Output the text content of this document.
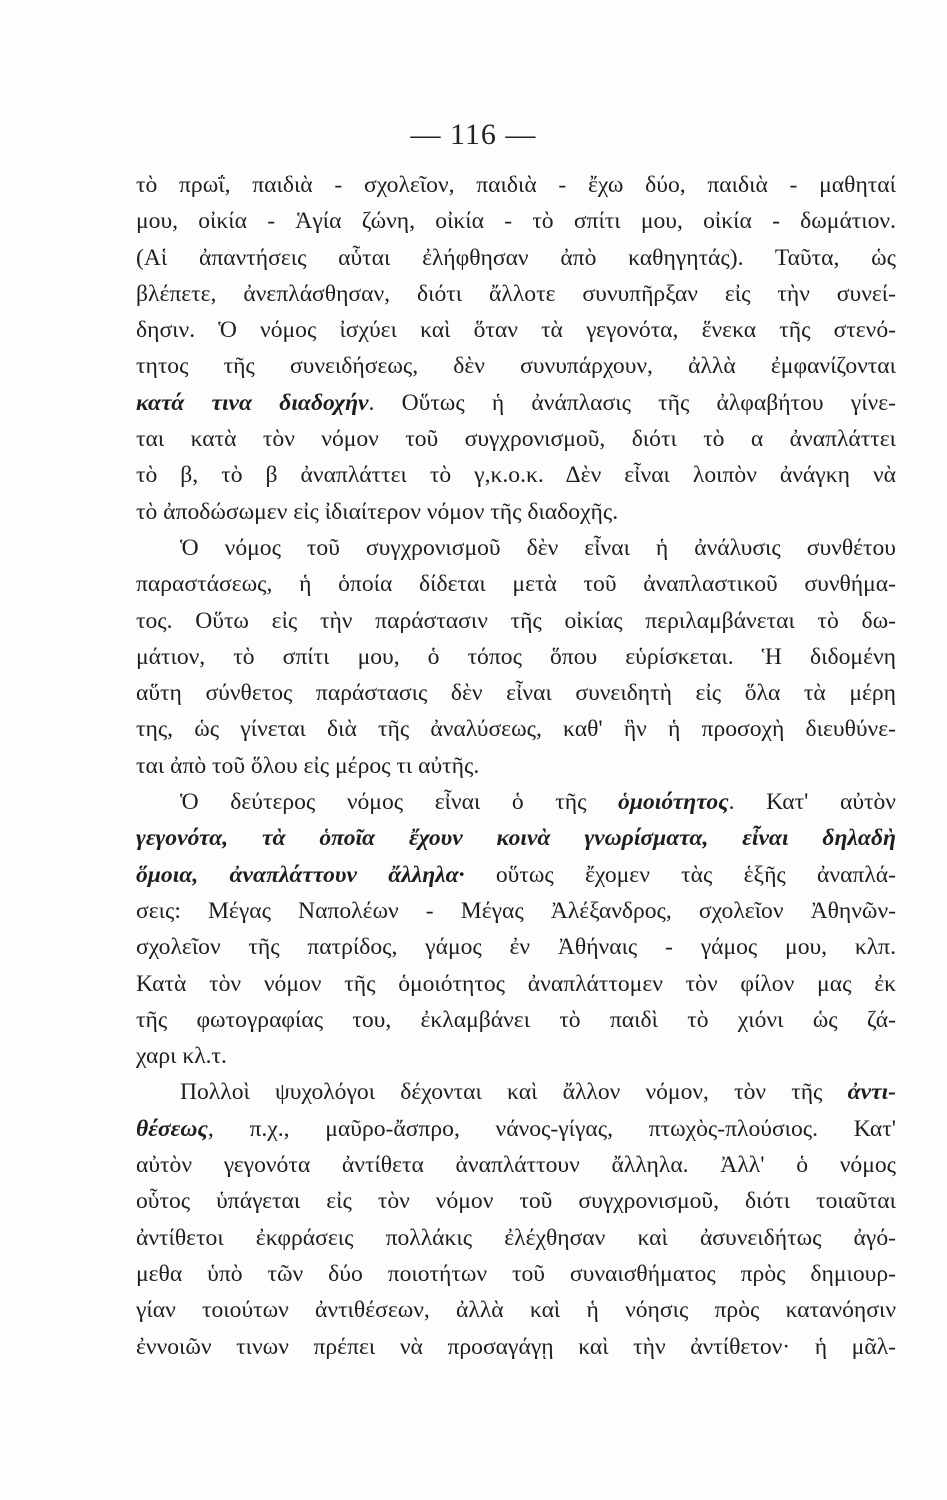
— 116 —
τὸ πρωΐ, παιδιὰ - σχολεῖον, παιδιὰ - ἔχω δύο, παιδιὰ - μαθηταί
μου, οἰκία - Ἁγία ζώνη, οἰκία - τὸ σπίτι μου, οἰκία - δωμάτιον.
(Αἱ ἀπαντήσεις αὗται ἐλήφθησαν ἀπὸ καθηγητάς). Ταῦτα, ὡς
βλέπετε, ἀνεπλάσθησαν, διότι ἄλλοτε συνυπῆρξαν εἰς τὴν συνεί-
δησιν. Ὁ νόμος ἰσχύει καὶ ὅταν τὰ γεγονότα, ἕνεκα τῆς στενό-
τητος τῆς συνειδήσεως, δὲν συνυπάρχουν, ἀλλὰ ἐμφανίζονται
κατά τινα διαδοχήν. Οὕτως ἡ ἀνάπλασις τῆς ἀλφαβήτου γίνε-
ται κατὰ τὸν νόμον τοῦ συγχρονισμοῦ, διότι τὸ α ἀναπλάττει
τὸ β, τὸ β ἀναπλάττει τὸ γ,κ.ο.κ. Δὲν εἶναι λοιπὸν ἀνάγκη νὰ
τὸ ἀποδώσωμεν εἰς ἰδιαίτερον νόμον τῆς διαδοχῆς.
Ὁ νόμος τοῦ συγχρονισμοῦ δὲν εἶναι ἡ ἀνάλυσις συνθέτου
παραστάσεως, ἡ ὁποία δίδεται μετὰ τοῦ ἀναπλαστικοῦ συνθήμα-
τος. Οὕτω εἰς τὴν παράστασιν τῆς οἰκίας περιλαμβάνεται τὸ δω-
μάτιον, τὸ σπίτι μου, ὁ τόπος ὅπου εὑρίσκεται. Ἡ διδομένη
αὕτη σύνθετος παράστασις δὲν εἶναι συνειδητὴ εἰς ὅλα τὰ μέρη
της, ὡς γίνεται διὰ τῆς ἀναλύσεως, καθ' ἣν ἡ προσοχὴ διευθύνε-
ται ἀπὸ τοῦ ὅλου εἰς μέρος τι αὐτῆς.
Ὁ δεύτερος νόμος εἶναι ὁ τῆς ὁμοιότητος. Κατ' αὐτὸν
γεγονότα, τὰ ὁποῖα ἔχουν κοινὰ γνωρίσματα, εἶναι δηλαδὴ
ὅμοια, ἀναπλάττουν ἄλληλα· οὕτως ἔχομεν τὰς ἑξῆς ἀναπλά-
σεις: Μέγας Ναπολέων - Μέγας Ἀλέξανδρος, σχολεῖον Ἀθηνῶν-
σχολεῖον τῆς πατρίδος, γάμος ἐν Ἀθήναις - γάμος μου, κλπ.
Κατὰ τὸν νόμον τῆς ὁμοιότητος ἀναπλάττομεν τὸν φίλον μας ἐκ
τῆς φωτογραφίας του, ἐκλαμβάνει τὸ παιδὶ τὸ χιόνι ὡς ζά-
χαρι κλ.τ.
Πολλοὶ ψυχολόγοι δέχονται καὶ ἄλλον νόμον, τὸν τῆς ἀντι-
θέσεως, π.χ., μαῦρο-ἄσπρο, νάνος-γίγας, πτωχὸς-πλούσιος. Κατ'
αὐτὸν γεγονότα ἀντίθετα ἀναπλάττουν ἄλληλα. Ἀλλ' ὁ νόμος
οὗτος ὑπάγεται εἰς τὸν νόμον τοῦ συγχρονισμοῦ, διότι τοιαῦται
ἀντίθετοι ἐκφράσεις πολλάκις ἐλέχθησαν καὶ ἀσυνειδήτως ἀγό-
μεθα ὑπὸ τῶν δύο ποιοτήτων τοῦ συναισθήματος πρὸς δημιουρ-
γίαν τοιούτων ἀντιθέσεων, ἀλλὰ καὶ ἡ νόησις πρὸς κατανόησιν
ἐννοιῶν τινων πρέπει νὰ προσαγάγῃ καὶ τὴν ἀντίθετον· ἡ μᾶλ-
